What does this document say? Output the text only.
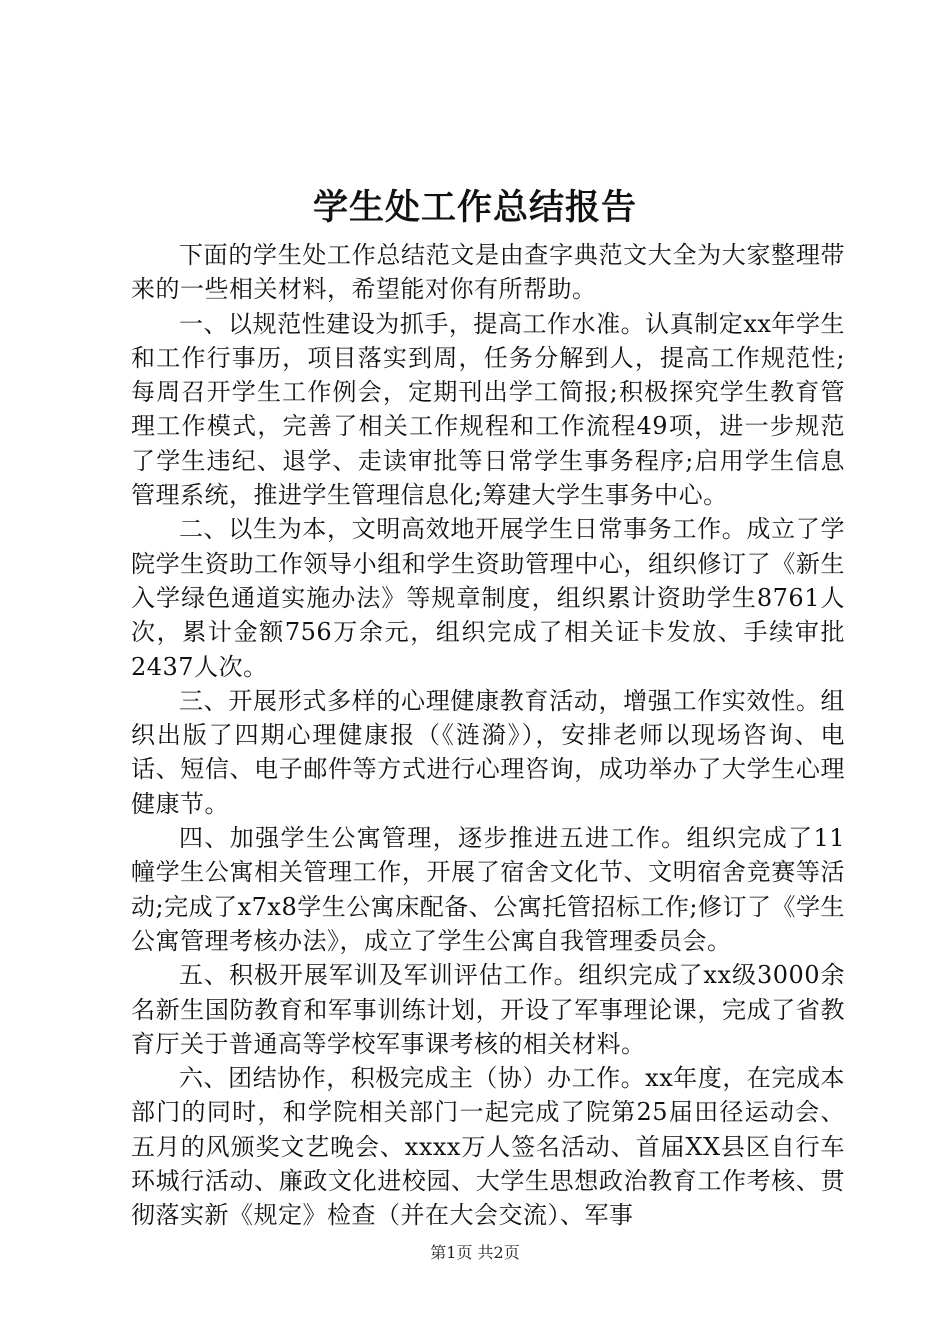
学生处工作总结报告

下面的学生处工作总结范文是由查字典范文大全为大家整理带来的一些相关材料，希望能对你有所帮助。

一、以规范性建设为抓手，提高工作水准。认真制定xx年学生和工作行事历，项目落实到周，任务分解到人，提高工作规范性;每周召开学生工作例会，定期刊出学工简报;积极探究学生教育管理工作模式，完善了相关工作规程和工作流程49项，进一步规范了学生违纪、退学、走读审批等日常学生事务程序;启用学生信息管理系统，推进学生管理信息化;筹建大学生事务中心。

二、以生为本，文明高效地开展学生日常事务工作。成立了学院学生资助工作领导小组和学生资助管理中心，组织修订了《新生入学绿色通道实施办法》等规章制度，组织累计资助学生8761人次，累计金额756万余元，组织完成了相关证卡发放、手续审批2437人次。

三、开展形式多样的心理健康教育活动，增强工作实效性。组织出版了四期心理健康报（《涟漪》），安排老师以现场咨询、电话、短信、电子邮件等方式进行心理咨询，成功举办了大学生心理健康节。

四、加强学生公寓管理，逐步推进五进工作。组织完成了11幢学生公寓相关管理工作，开展了宿舍文化节、文明宿舍竞赛等活动;完成了x7x8学生公寓床配备、公寓托管招标工作;修订了《学生公寓管理考核办法》，成立了学生公寓自我管理委员会。

五、积极开展军训及军训评估工作。组织完成了xx级3000余名新生国防教育和军事训练计划，开设了军事理论课，完成了省教育厅关于普通高等学校军事课考核的相关材料。

六、团结协作，积极完成主（协）办工作。xx年度，在完成本部门的同时，和学院相关部门一起完成了院第25届田径运动会、五月的风颁奖文艺晚会、xxxx万人签名活动、首届XX县区自行车环城行活动、廉政文化进校园、大学生思想政治教育工作考核、贯彻落实新《规定》检查（并在大会交流）、军事

第1页 共2页
